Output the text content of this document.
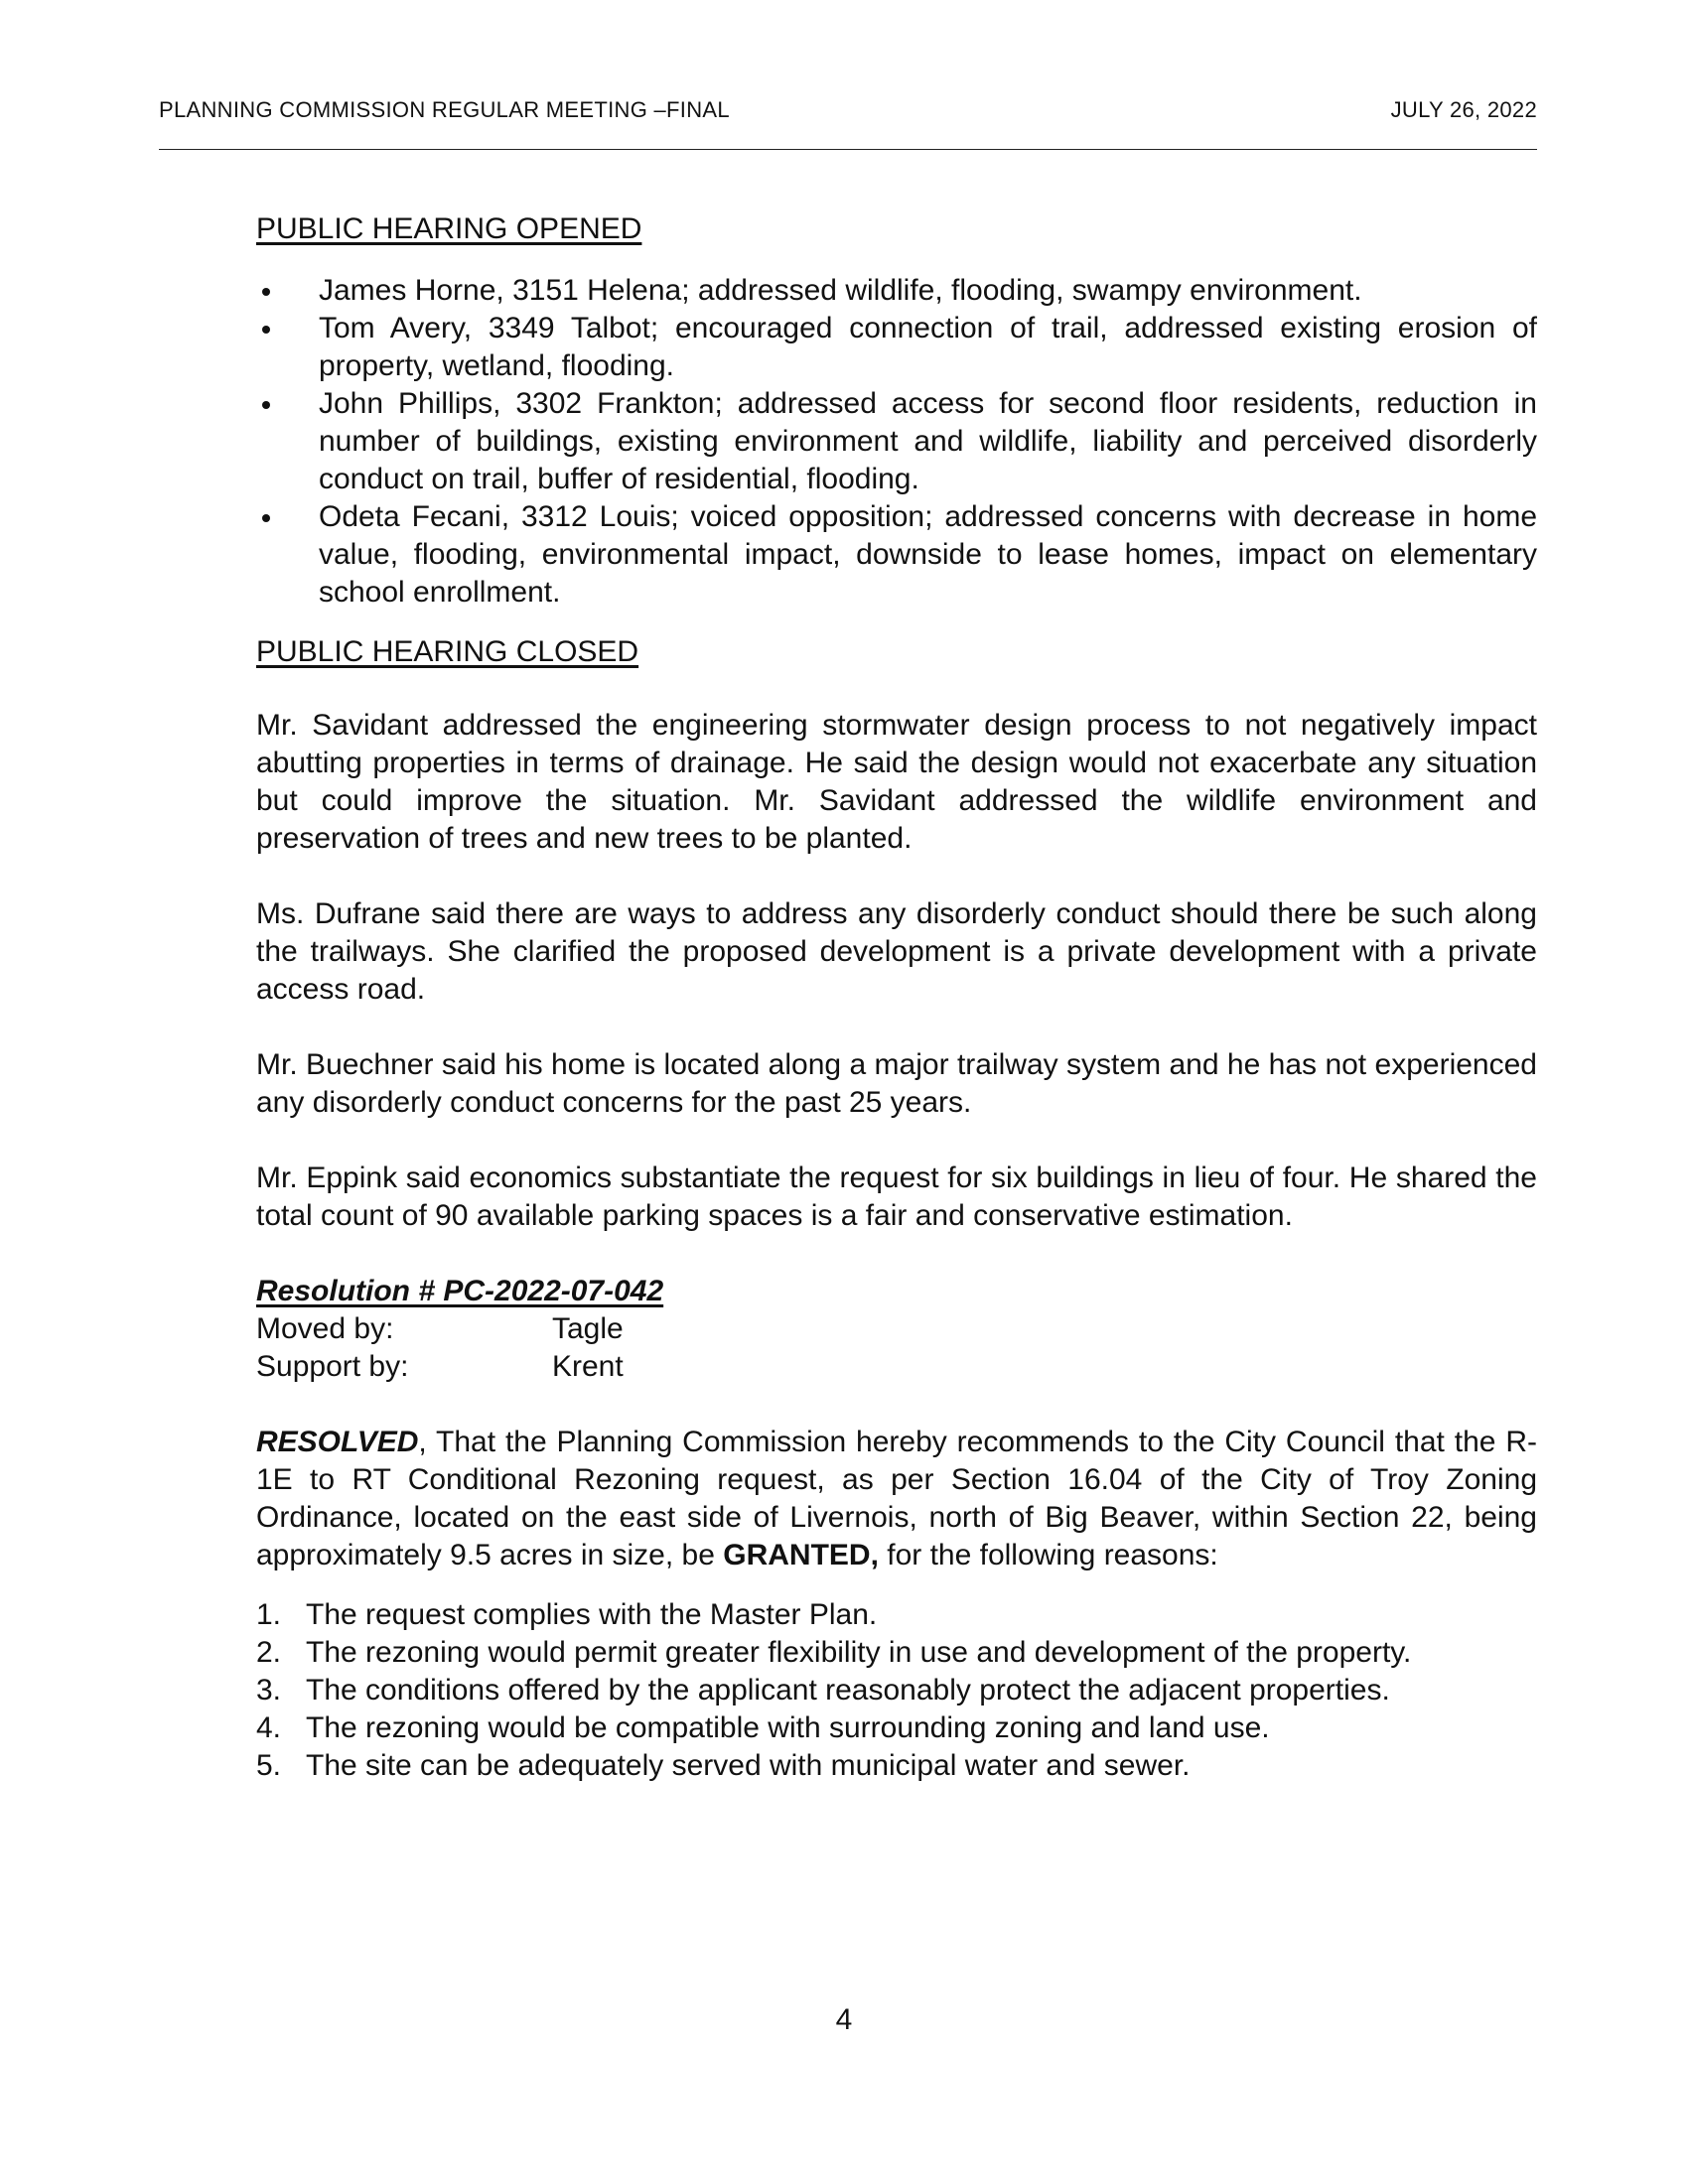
PLANNING COMMISSION REGULAR MEETING –FINAL	JULY 26, 2022

PUBLIC HEARING OPENED

James Horne, 3151 Helena; addressed wildlife, flooding, swampy environment.
Tom Avery, 3349 Talbot; encouraged connection of trail, addressed existing erosion of property, wetland, flooding.
John Phillips, 3302 Frankton; addressed access for second floor residents, reduction in number of buildings, existing environment and wildlife, liability and perceived disorderly conduct on trail, buffer of residential, flooding.
Odeta Fecani, 3312 Louis; voiced opposition; addressed concerns with decrease in home value, flooding, environmental impact, downside to lease homes, impact on elementary school enrollment.

PUBLIC HEARING CLOSED

Mr. Savidant addressed the engineering stormwater design process to not negatively impact abutting properties in terms of drainage. He said the design would not exacerbate any situation but could improve the situation. Mr. Savidant addressed the wildlife environment and preservation of trees and new trees to be planted.

Ms. Dufrane said there are ways to address any disorderly conduct should there be such along the trailways. She clarified the proposed development is a private development with a private access road.

Mr. Buechner said his home is located along a major trailway system and he has not experienced any disorderly conduct concerns for the past 25 years.

Mr. Eppink said economics substantiate the request for six buildings in lieu of four. He shared the total count of 90 available parking spaces is a fair and conservative estimation.

Resolution # PC-2022-07-042
Moved by:	Tagle
Support by:	Krent

RESOLVED, That the Planning Commission hereby recommends to the City Council that the R-1E to RT Conditional Rezoning request, as per Section 16.04 of the City of Troy Zoning Ordinance, located on the east side of Livernois, north of Big Beaver, within Section 22, being approximately 9.5 acres in size, be GRANTED, for the following reasons:

1. The request complies with the Master Plan.
2. The rezoning would permit greater flexibility in use and development of the property.
3. The conditions offered by the applicant reasonably protect the adjacent properties.
4. The rezoning would be compatible with surrounding zoning and land use.
5. The site can be adequately served with municipal water and sewer.
4
